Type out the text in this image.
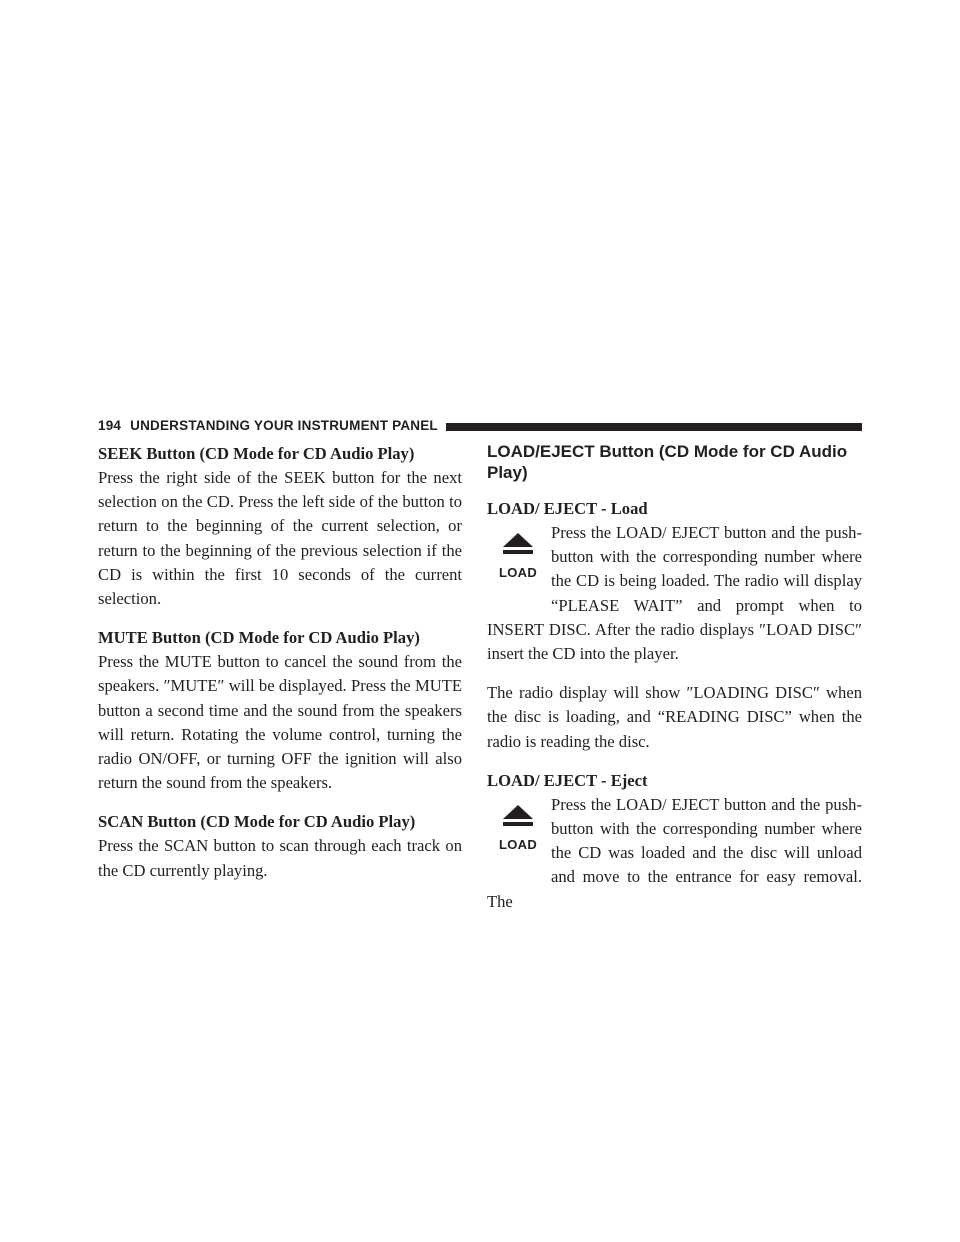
194 UNDERSTANDING YOUR INSTRUMENT PANEL

SEEK Button (CD Mode for CD Audio Play)

Press the right side of the SEEK button for the next selection on the CD. Press the left side of the button to return to the beginning of the current selection, or return to the beginning of the previous selection if the CD is within the first 10 seconds of the current selection.

MUTE Button (CD Mode for CD Audio Play)

Press the MUTE button to cancel the sound from the speakers. ″MUTE″ will be displayed. Press the MUTE button a second time and the sound from the speakers will return. Rotating the volume control, turning the radio ON/OFF, or turning OFF the ignition will also return the sound from the speakers.

SCAN Button (CD Mode for CD Audio Play)

Press the SCAN button to scan through each track on the CD currently playing.

LOAD/EJECT Button (CD Mode for CD Audio Play)

LOAD/ EJECT - Load

LOAD

Press the LOAD/ EJECT button and the push-button with the corresponding number where the CD is being loaded. The radio will display “PLEASE WAIT” and prompt when to INSERT DISC. After the radio displays ″LOAD DISC″ insert the CD into the player.

The radio display will show ″LOADING DISC″ when the disc is loading, and “READING DISC” when the radio is reading the disc.

LOAD/ EJECT - Eject

LOAD

Press the LOAD/ EJECT button and the push-button with the corresponding number where the CD was loaded and the disc will unload and move to the entrance for easy removal. The
